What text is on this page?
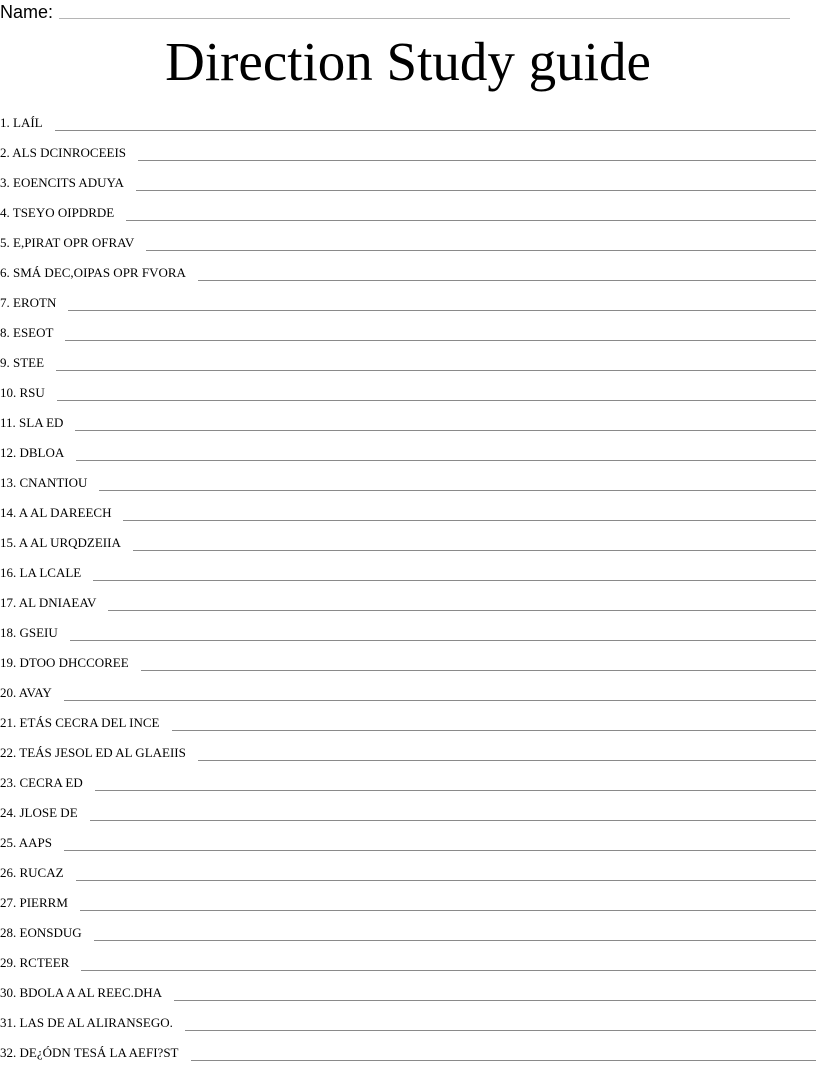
Name:
Direction Study guide
1. LAÍL
2. ALS DCINROCEEIS
3. EOENCITS ADUYA
4. TSEYO OIPDRDE
5. E,PIRAT OPR OFRAV
6. SMÁ DEC,OIPAS OPR FVORA
7. EROTN
8. ESEOT
9. STEE
10. RSU
11. SLA ED
12. DBLOA
13. CNANTIOU
14. A AL DAREECH
15. A AL URQDZEIIA
16. LA LCALE
17. AL DNIAEAV
18. GSEIU
19. DTOO DHCCOREE
20. AVAY
21. ETÁS CECRA DEL INCE
22. TEÁS JESOL ED AL GLAEIIS
23. CECRA ED
24. JLOSE DE
25. AAPS
26. RUCAZ
27. PIERRM
28. EONSDUG
29. RCTEER
30. BDOLA A AL REEC.DHA
31. LAS DE AL ALIRANSEGO.
32. DE¿ÓDN TESÁ LA AEFI?ST
